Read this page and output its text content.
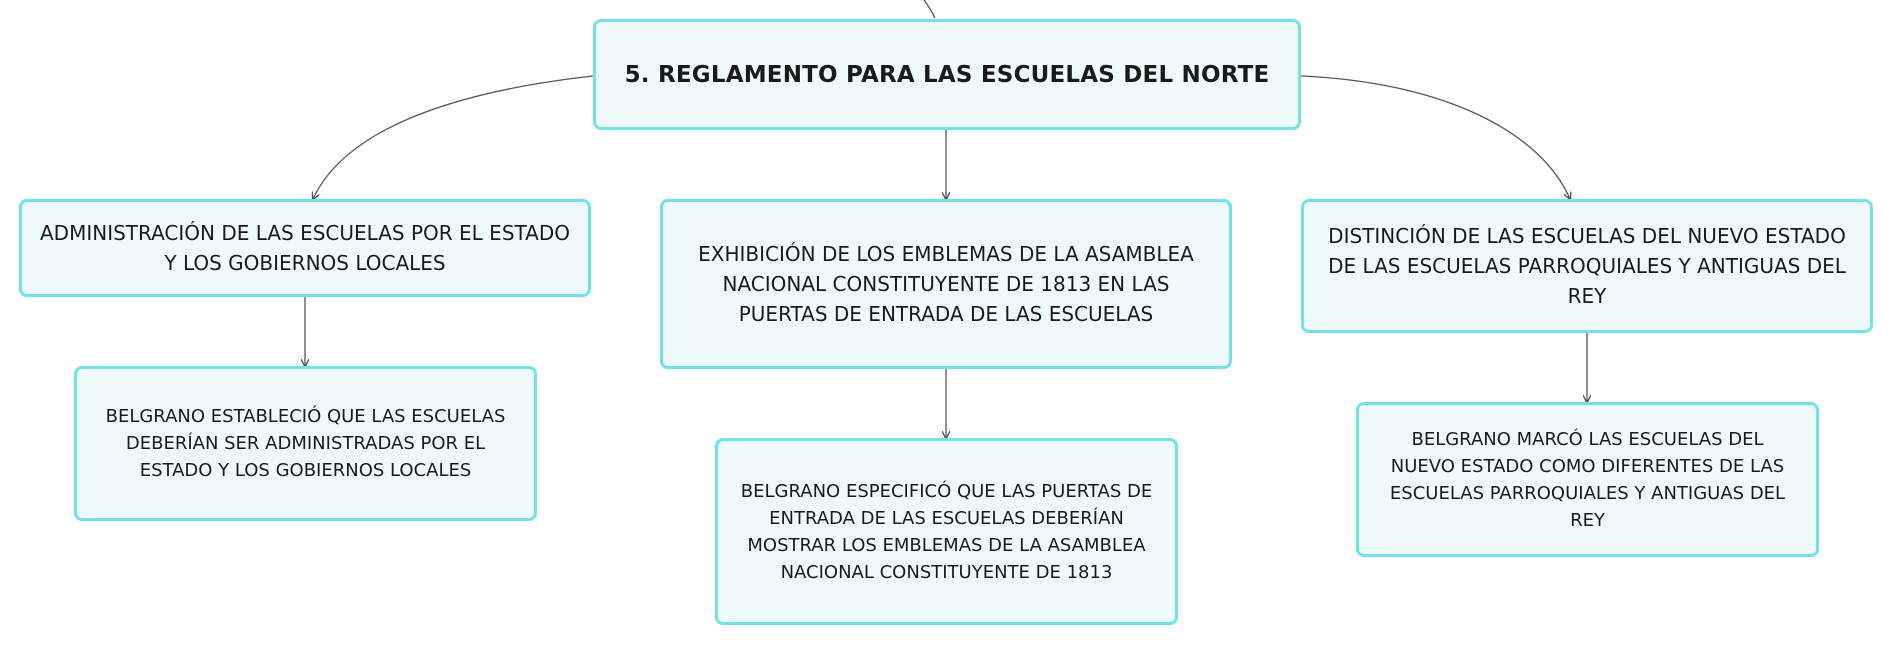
5. REGLAMENTO PARA LAS ESCUELAS DEL NORTE
ADMINISTRACIÓN DE LAS ESCUELAS POR EL ESTADO Y LOS GOBIERNOS LOCALES	EXHIBICIÓN DE LOS EMBLEMAS DE LA ASAMBLEA NACIONAL CONSTITUYENTE DE 1813 EN LAS PUERTAS DE ENTRADA DE LAS ESCUELAS
DISTINCIÓN DE LAS ESCUELAS DEL NUEVO ESTADO DE LAS ESCUELAS PARROQUIALES Y ANTIGUAS DEL REY
BELGRANO ESTABLECIÓ QUE LAS ESCUELAS DEBERÍAN SER ADMINISTRADAS POR EL ESTADO Y LOS GOBIERNOS LOCALES
BELGRANO ESPECIFICÓ QUE LAS PUERTAS DE ENTRADA DE LAS ESCUELAS DEBERÍAN MOSTRAR LOS EMBLEMAS DE LA ASAMBLEA NACIONAL CONSTITUYENTE DE 1813
BELGRANO MARCÓ LAS ESCUELAS DEL NUEVO ESTADO COMO DIFERENTES DE LAS ESCUELAS PARROQUIALES Y ANTIGUAS DEL REY
